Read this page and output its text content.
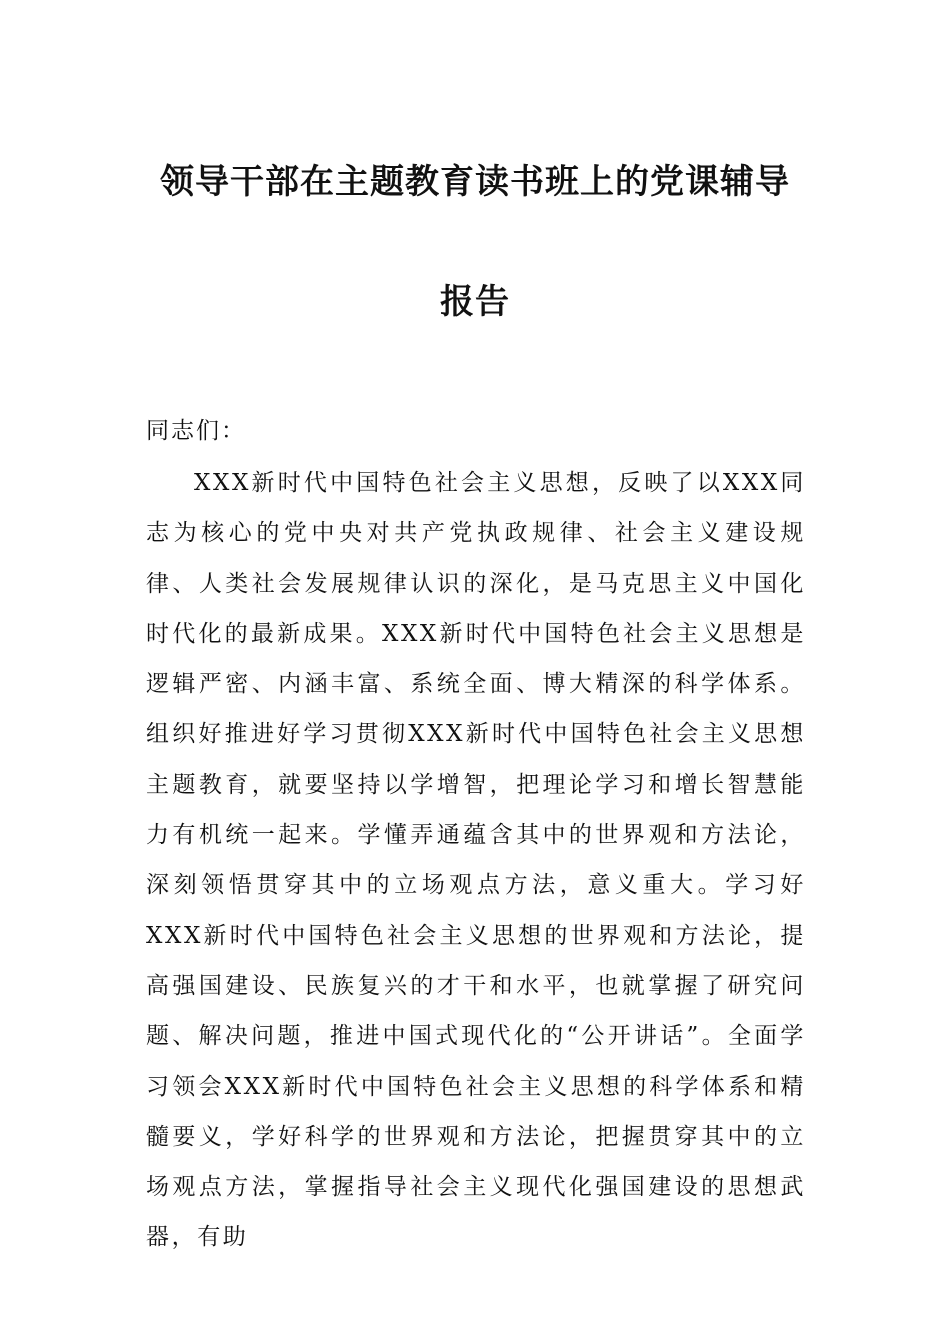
领导干部在主题教育读书班上的党课辅导
报告
同志们：

XXX新时代中国特色社会主义思想，反映了以XXX同志为核心的党中央对共产党执政规律、社会主义建设规律、人类社会发展规律认识的深化，是马克思主义中国化时代化的最新成果。XXX新时代中国特色社会主义思想是逻辑严密、内涵丰富、系统全面、博大精深的科学体系。组织好推进好学习贯彻XXX新时代中国特色社会主义思想主题教育，就要坚持以学增智，把理论学习和增长智慧能力有机统一起来。学懂弄通蕴含其中的世界观和方法论，深刻领悟贯穿其中的立场观点方法，意义重大。学习好XXX新时代中国特色社会主义思想的世界观和方法论，提高强国建设、民族复兴的才干和水平，也就掌握了研究问题、解决问题，推进中国式现代化的“公开讲话”。全面学习领会XXX新时代中国特色社会主义思想的科学体系和精髓要义，学好科学的世界观和方法论，把握贯穿其中的立场观点方法，掌握指导社会主义现代化强国建设的思想武器，有助
